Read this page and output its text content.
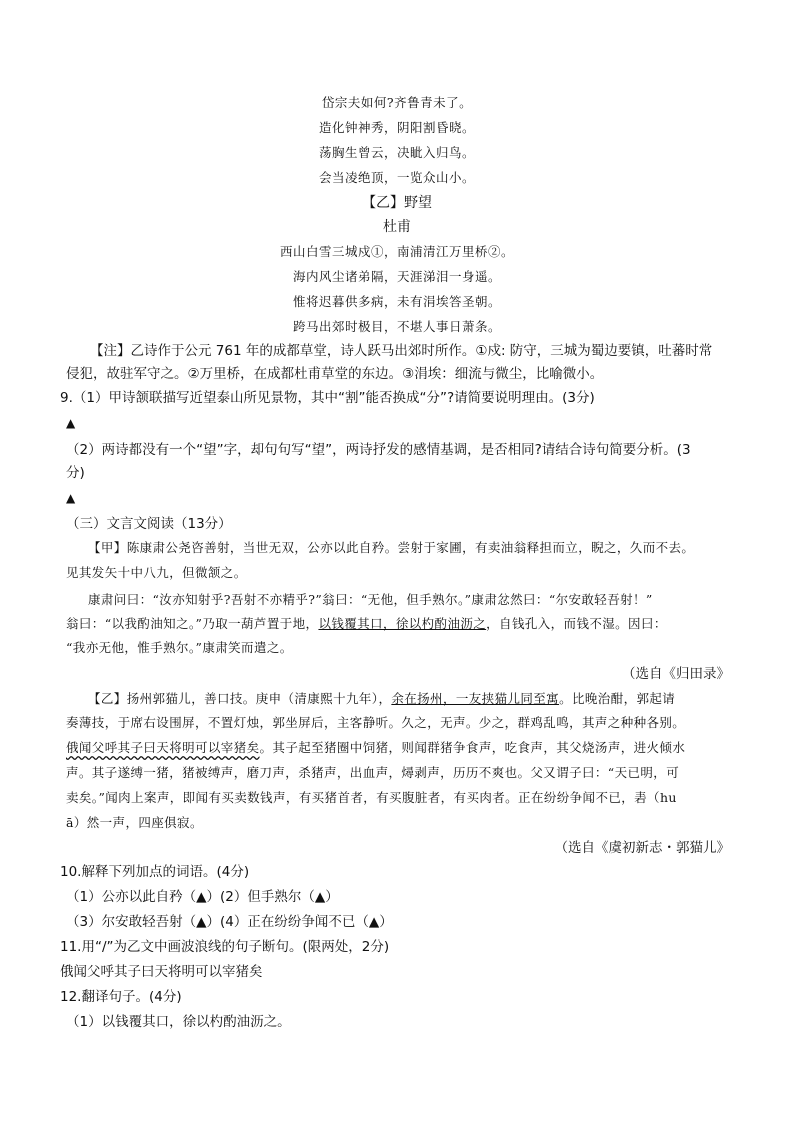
岱宗夫如何?齐鲁青未了。
造化钟神秀，阴阳割昏晓。
荡胸生曾云，决眦入归鸟。
会当凌绝顶，一览众山小。
【乙】野望
杜甫
西山白雪三城戍①，南浦清江万里桥②。
海内风尘诸弟隔，天涯涕泪一身遥。
惟将迟暮供多病，未有涓埃答圣朝。
跨马出郊时极目，不堪人事日萧条。
【注】乙诗作于公元 761 年的成都草堂，诗人跃马出郊时所作。①戍: 防守，三城为蜀边要镇，吐蕃时常
侵犯，故驻军守之。②万里桥，在成都杜甫草堂的东边。③涓埃：细流与微尘，比喻微小。
9.（1）甲诗颔联描写近望泰山所见景物，其中“割”能否换成“分”?请简要说明理由。(3分)
▲
（2）两诗都没有一个“望”字，却句句写“望”，两诗抒发的感情基调，是否相同?请结合诗句简要分析。(3
分)
▲
（三）文言文阅读（13分）
【甲】陈康肃公尧咨善射，当世无双，公亦以此自矜。尝射于家圃，有卖油翁释担而立，睨之，久而不去。
见其发矢十中八九，但微颔之。
康肃问曰：“汝亦知射乎?吾射不亦精乎?”翁曰：“无他，但手熟尔。”康肃忿然曰：“尔安敢轻吾射！”
翁曰：“以我酌油知之。”乃取一葫芦置于地，以钱覆其口，徐以杓酌油沥之，自钱孔入，而钱不湿。因曰：
“我亦无他，惟手熟尔。”康肃笑而遣之。
（选自《归田录》
【乙】扬州郭猫儿，善口技。庚申（清康熙十九年），余在扬州，一友挟猫儿同至寓。比晚治酣，郭起请
奏薄技，于席右设围屏，不置灯烛，郭坐屏后，主客静听。久之，无声。少之，群鸡乱鸣，其声之种种各别。
俄闻父呼其子曰天将明可以宰猪矣。其子起至猪圈中饲猪，则闻群猪争食声，吃食声，其父烧汤声，进火倾水
声。其子遂缚一猪，猪被缚声，磨刀声，杀猪声，出血声，燖剥声，历历不爽也。父又谓子曰：“天已明，可
卖矣。”闻肉上案声，即闻有买卖数钱声，有买猪首者，有买腹脏者，有买肉者。正在纷纷争闻不已，砉（hu
ā）然一声，四座俱寂。
（选自《虞初新志・郭猫儿》
10.解释下列加点的词语。(4分)
（1）公亦以此自矜（▲）(2）但手熟尔（▲）
（3）尔安敢轻吾射（▲）(4）正在纷纷争闻不已（▲）
11.用“/”为乙文中画波浪线的句子断句。(限两处，2分)
俄闻父呼其子曰天将明可以宰猪矣
12.翻译句子。(4分)
（1）以钱覆其口，徐以杓酌油沥之。
